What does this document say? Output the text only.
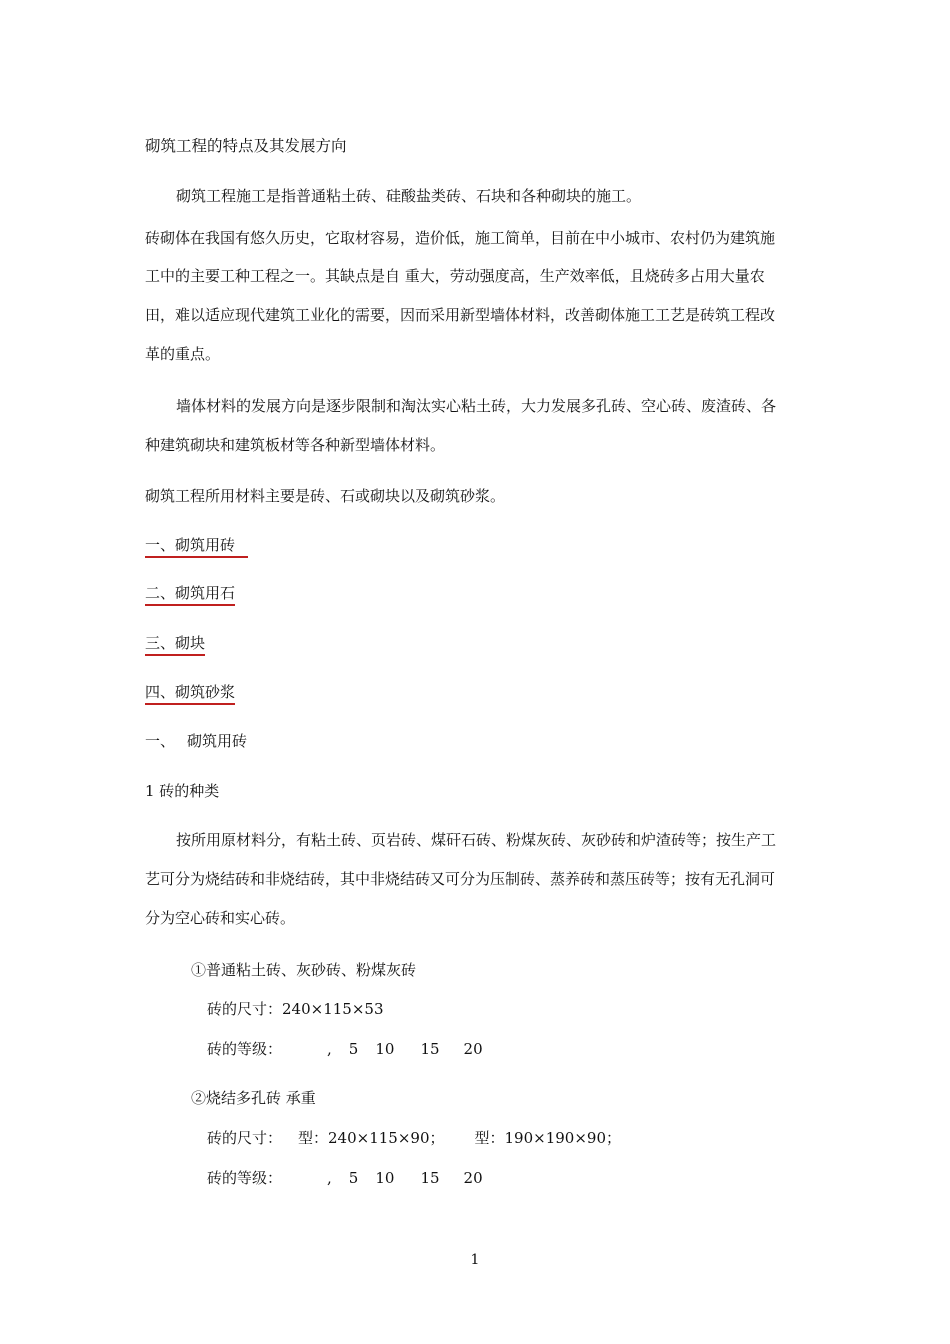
砌筑工程的特点及其发展方向
砌筑工程施工是指普通粘土砖、硅酸盐类砖、石块和各种砌块的施工。
砖砌体在我国有悠久历史，它取材容易，造价低，施工简单，目前在中小城市、农村仍为建筑施
工中的主要工种工程之一。其缺点是自 重大，劳动强度高，生产效率低，且烧砖多占用大量农
田，难以适应现代建筑工业化的需要，因而采用新型墙体材料，改善砌体施工工艺是砖筑工程改
革的重点。
墙体材料的发展方向是逐步限制和淘汰实心粘土砖，大力发展多孔砖、空心砖、废渣砖、各
种建筑砌块和建筑板材等各种新型墙体材料。
砌筑工程所用材料主要是砖、石或砌块以及砌筑砂浆。
一、砌筑用砖
二、砌筑用石
三、砌块
四、砌筑砂浆
一、 砌筑用砖
1 砖的种类
按所用原材料分，有粘土砖、页岩砖、煤矸石砖、粉煤灰砖、灰砂砖和炉渣砖等；按生产工
艺可分为烧结砖和非烧结砖，其中非烧结砖又可分为压制砖、蒸养砖和蒸压砖等；按有无孔洞可
分为空心砖和实心砖。
①普通粘土砖、灰砂砖、粉煤灰砖
砖的尺寸：240×115×53
砖的等级：	, 5 10 15 20
②烧结多孔砖 承重
砖的尺寸： 型：240×115×90； 型：190×190×90；
砖的等级：	, 5 10 15 20
1
